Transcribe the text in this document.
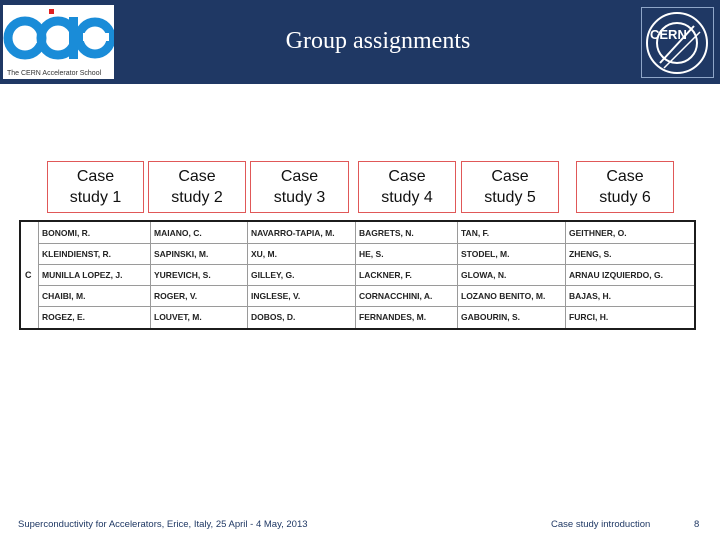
The CERN Accelerator School
Group assignments	CERN
Case
study 1
Case
study 2
Case
study 3
Case
study 4
Case
study 5
Case
study 6
C
BONOMI, R.	MAIANO, C.	NAVARRO-TAPIA, M.	BAGRETS, N.	TAN, F.	GEITHNER, O.
KLEINDIENST, R.	SAPINSKI, M.	XU, M.	HE, S.	STODEL, M.	ZHENG, S.
MUNILLA LOPEZ, J.	YUREVICH, S.	GILLEY, G.	LACKNER, F.	GLOWA, N.	ARNAU IZQUIERDO, G.
CHAIBI, M.	ROGER, V.	INGLESE, V.	CORNACCHINI, A.	LOZANO BENITO, M.	BAJAS, H.
ROGEZ, E.	LOUVET, M.	DOBOS, D.	FERNANDES, M.	GABOURIN, S.	FURCI, H.
Superconductivity for Accelerators, Erice, Italy, 25 April - 4 May, 2013	Case study introduction	8
